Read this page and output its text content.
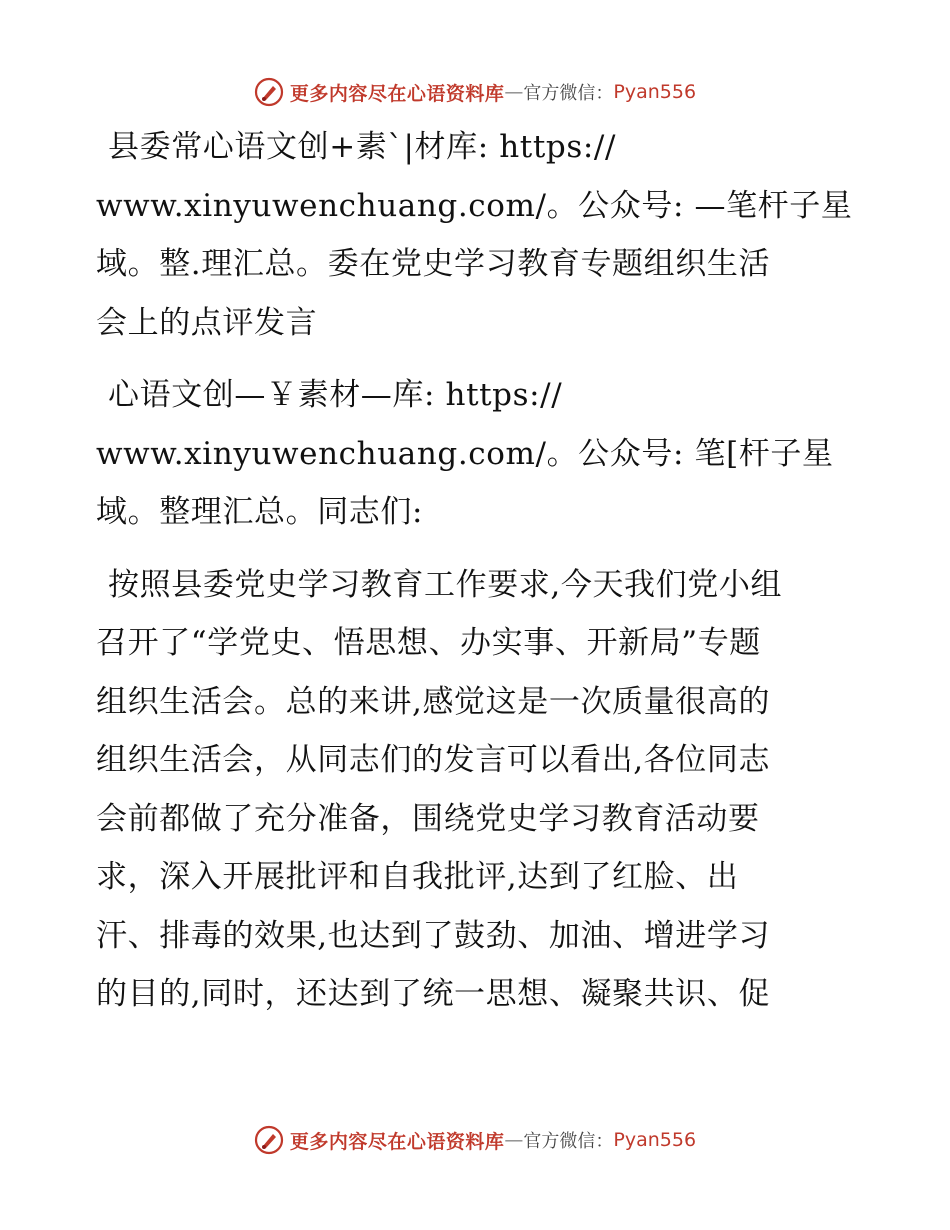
更多内容尽在心语资料库 — 官方微信： Pyan556
县委常心语文创+素`|材库: https://
www.xinyuwenchuang.com/。公众号: —笔杆子星
域。整.理汇总。委在党史学习教育专题组织生活
会上的点评发言
心语文创—￥素材—库: https://
www.xinyuwenchuang.com/。公众号: 笔[杆子星
域。整理汇总。同志们:
按照县委党史学习教育工作要求,今天我们党小组
召开了“学党史、悟思想、办实事、开新局”专题
组织生活会。总的来讲,感觉这是一次质量很高的
组织生活会，从同志们的发言可以看出,各位同志
会前都做了充分准备，围绕党史学习教育活动要
求，深入开展批评和自我批评,达到了红脸、出
汗、排毒的效果,也达到了鼓劲、加油、增进学习
的目的,同时，还达到了统一思想、凝聚共识、促
更多内容尽在心语资料库 — 官方微信： Pyan556
